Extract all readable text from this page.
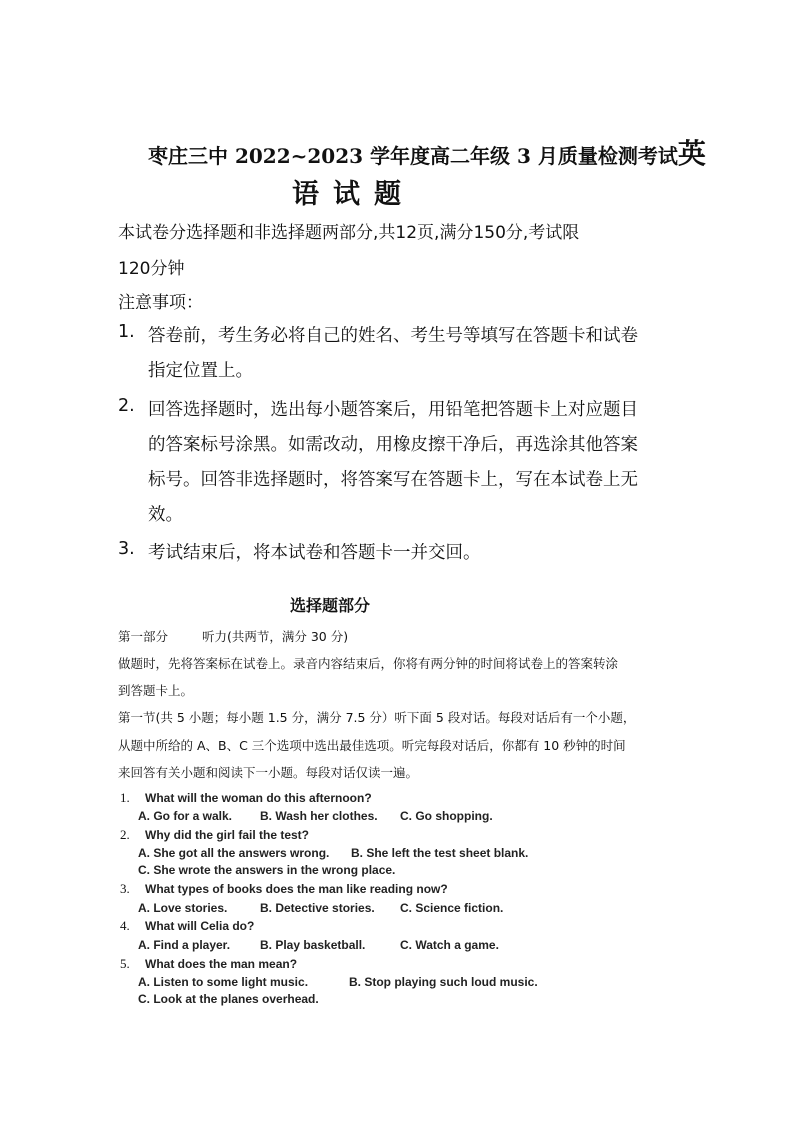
枣庄三中 2022~2023 学年度高二年级 3 月质量检测考试英
语试题
本试卷分选择题和非选择题两部分,共12页,满分150分,考试限
120分钟
注意事项：
1. 答卷前，考生务必将自己的姓名、考生号等填写在答题卡和试卷
指定位置上。
2. 回答选择题时，选出每小题答案后，用铅笔把答题卡上对应题目
的答案标号涂黑。如需改动，用橡皮擦干净后，再选涂其他答案
标号。回答非选择题时，将答案写在答题卡上，写在本试卷上无
效。
3. 考试结束后，将本试卷和答题卡一并交回。
选择题部分
第一部分	听力(共两节，满分 30 分)
做题时，先将答案标在试卷上。录音内容结束后，你将有两分钟的时间将试卷上的答案转涂
到答题卡上。
第一节(共 5 小题；每小题 1.5 分，满分 7.5 分）听下面 5 段对话。每段对话后有一个小题，
从题中所给的 A、B、C 三个选项中选出最佳选项。听完每段对话后，你都有 10 秒钟的时间
来回答有关小题和阅读下一小题。每段对话仅读一遍。
1. What will the woman do this afternoon?
A. Go for a walk. B. Wash her clothes. C. Go shopping.
2. Why did the girl fail the test?
A. She got all the answers wrong. B. She left the test sheet blank.
C. She wrote the answers in the wrong place.
3. What types of books does the man like reading now?
A. Love stories.	B. Detective stories. C. Science fiction.
4. What will Celia do?
A. Find a player. B. Play basketball.	C. Watch a game.
5. What does the man mean?
A. Listen to some light music.	B. Stop playing such loud music.
C. Look at the planes overhead.
